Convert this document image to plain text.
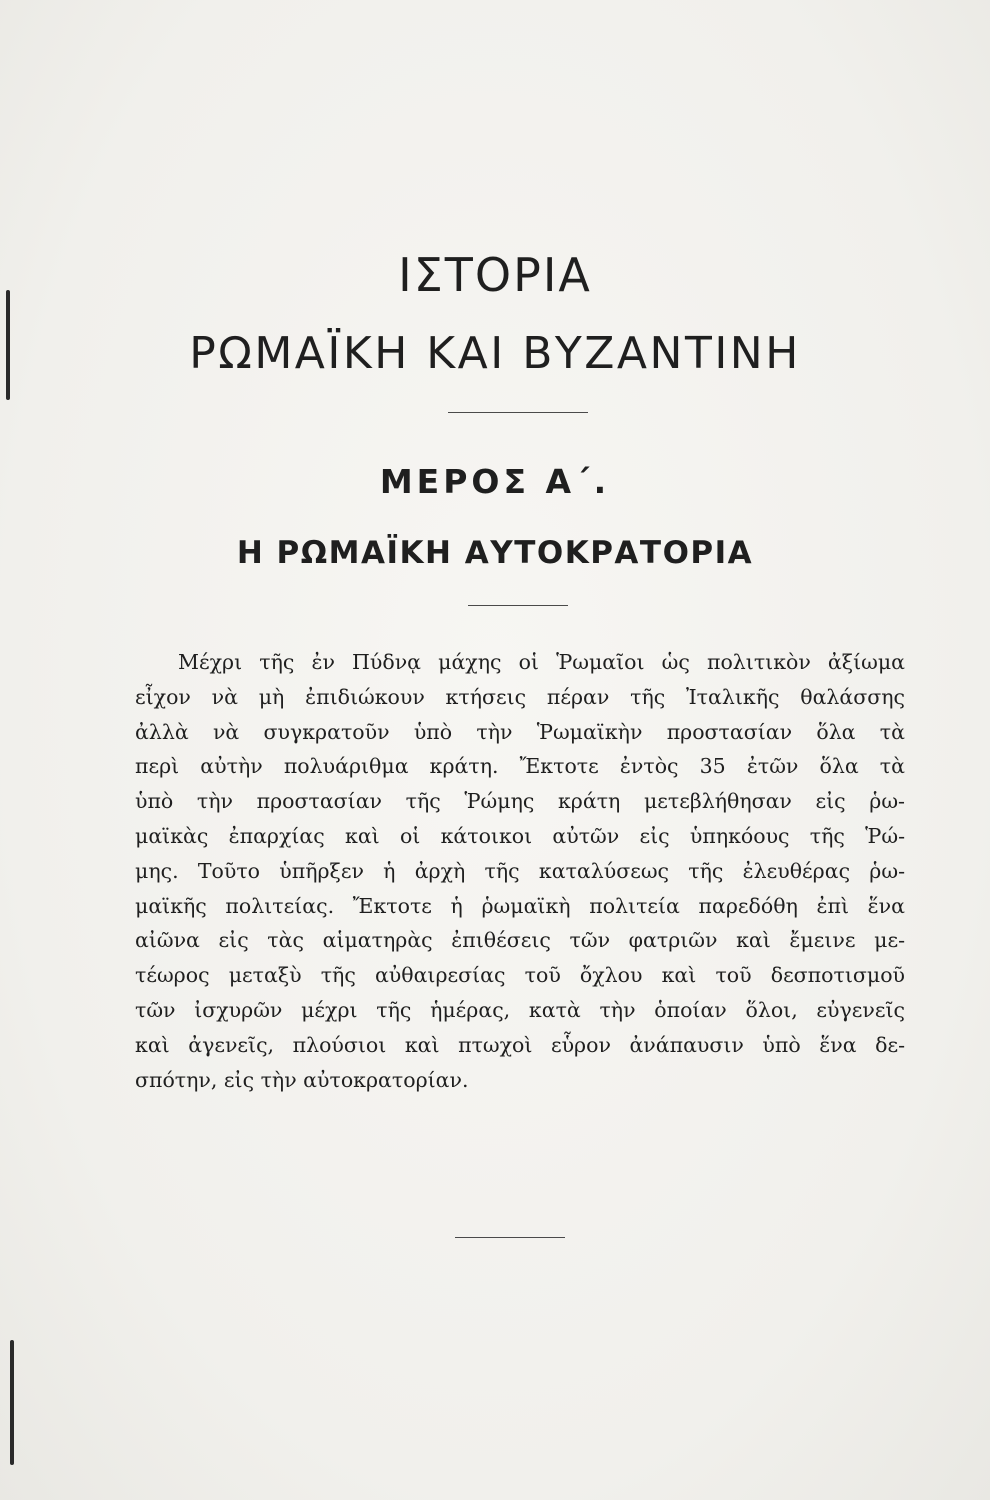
ΙΣΤΟΡΙΑ
ΡΩΜΑΪΚΗ ΚΑΙ ΒΥΖΑΝΤΙΝΗ
ΜΕΡΟΣ Α΄.
Η ΡΩΜΑΪΚΗ ΑΥΤΟΚΡΑΤΟΡΙΑ
Μέχρι τῆς ἐν Πύδνᾳ μάχης οἱ Ῥωμαῖοι ὡς πολιτικὸν ἀξίωμα
εἶχον νὰ μὴ ἐπιδιώκουν κτήσεις πέραν τῆς Ἰταλικῆς θαλάσσης
ἀλλὰ νὰ συγκρατοῦν ὑπὸ τὴν Ῥωμαϊκὴν προστασίαν ὅλα τὰ
περὶ αὐτὴν πολυάριθμα κράτη. Ἔκτοτε ἐντὸς 35 ἐτῶν ὅλα τὰ
ὑπὸ τὴν προστασίαν τῆς Ῥώμης κράτη μετεβλήθησαν εἰς ῥω-
μαϊκὰς ἐπαρχίας καὶ οἱ κάτοικοι αὐτῶν εἰς ὑπηκόους τῆς Ῥώ-
μης. Τοῦτο ὑπῆρξεν ἡ ἀρχὴ τῆς καταλύσεως τῆς ἐλευθέρας ῥω-
μαϊκῆς πολιτείας. Ἔκτοτε ἡ ῥωμαϊκὴ πολιτεία παρεδόθη ἐπὶ ἕνα
αἰῶνα εἰς τὰς αἱματηρὰς ἐπιθέσεις τῶν φατριῶν καὶ ἔμεινε με-
τέωρος μεταξὺ τῆς αὐθαιρεσίας τοῦ ὄχλου καὶ τοῦ δεσποτισμοῦ
τῶν ἰσχυρῶν μέχρι τῆς ἡμέρας, κατὰ τὴν ὁποίαν ὅλοι, εὐγενεῖς
καὶ ἀγενεῖς, πλούσιοι καὶ πτωχοὶ εὗρον ἀνάπαυσιν ὑπὸ ἕνα δε-
σπότην, εἰς τὴν αὐτοκρατορίαν.
